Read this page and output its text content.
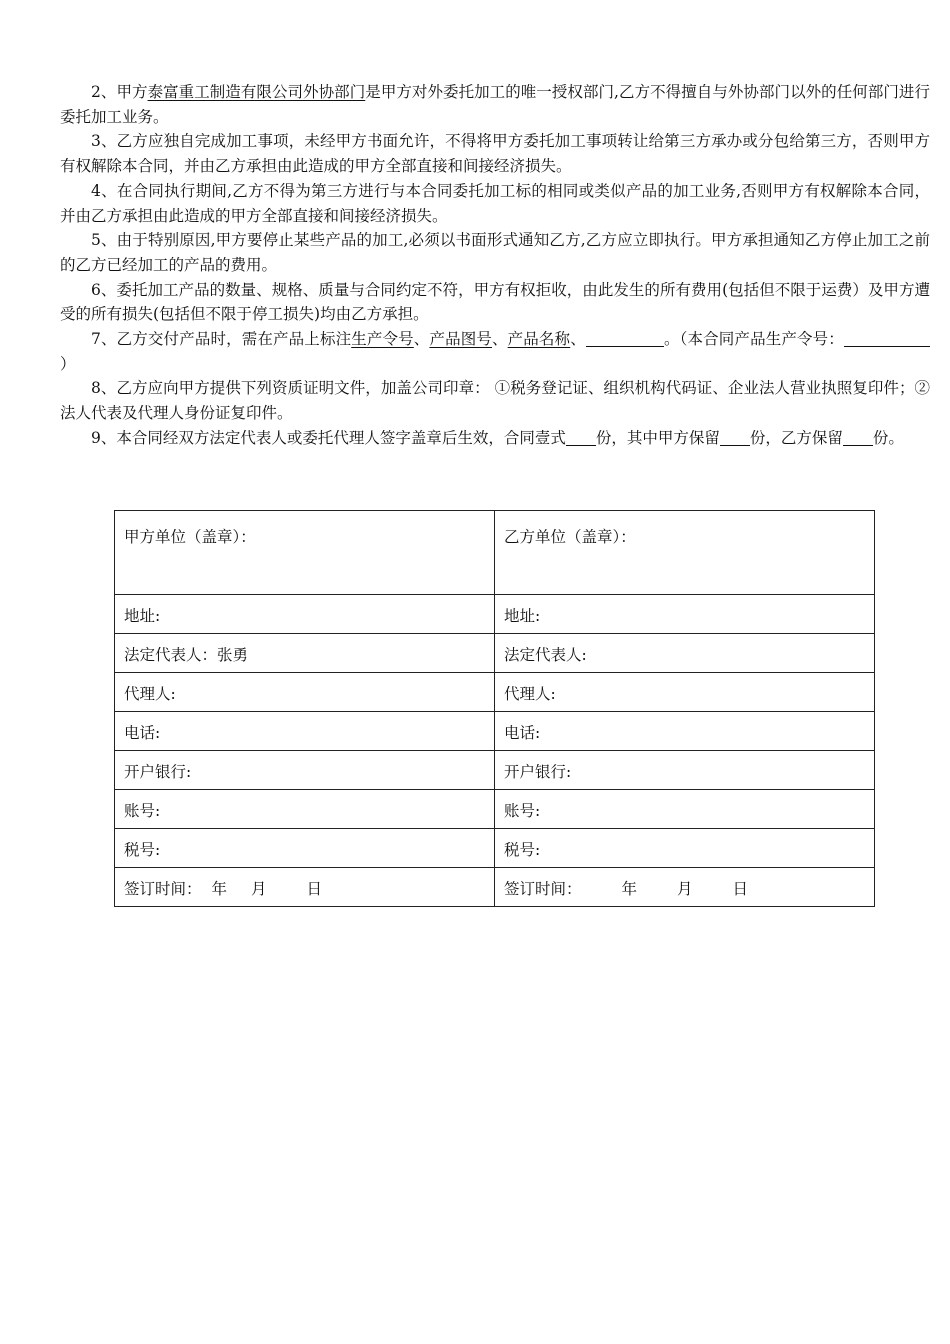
2、甲方泰富重工制造有限公司外协部门是甲方对外委托加工的唯一授权部门,乙方不得擅自与外协部门以外的任何部门进行委托加工业务。

3、乙方应独自完成加工事项，未经甲方书面允许，不得将甲方委托加工事项转让给第三方承办或分包给第三方，否则甲方有权解除本合同，并由乙方承担由此造成的甲方全部直接和间接经济损失。

4、在合同执行期间,乙方不得为第三方进行与本合同委托加工标的相同或类似产品的加工业务,否则甲方有权解除本合同，并由乙方承担由此造成的甲方全部直接和间接经济损失。

5、由于特别原因,甲方要停止某些产品的加工,必须以书面形式通知乙方,乙方应立即执行。甲方承担通知乙方停止加工之前的乙方已经加工的产品的费用。

6、委托加工产品的数量、规格、质量与合同约定不符，甲方有权拒收，由此发生的所有费用(包括但不限于运费）及甲方遭受的所有损失(包括但不限于停工损失)均由乙方承担。

7、乙方交付产品时，需在产品上标注生产令号、产品图号、产品名称、	。（本合同产品生产令号：）

8、乙方应向甲方提供下列资质证明文件，加盖公司印章： ①税务登记证、组织机构代码证、企业法人营业执照复印件；②法人代表及代理人身份证复印件。

9、本合同经双方法定代表人或委托代理人签字盖章后生效，合同壹式 份，其中甲方保留 份，乙方保留 份。

甲方单位（盖章）：	乙方单位（盖章）：
地址:	地址:
法定代表人：张勇	法定代表人:
代理人:	代理人:
电话:	电话:
开户银行:	开户银行:
账号:	账号:
税号:	税号:
签订时间： 年 月 日	签订时间： 年 月 日
